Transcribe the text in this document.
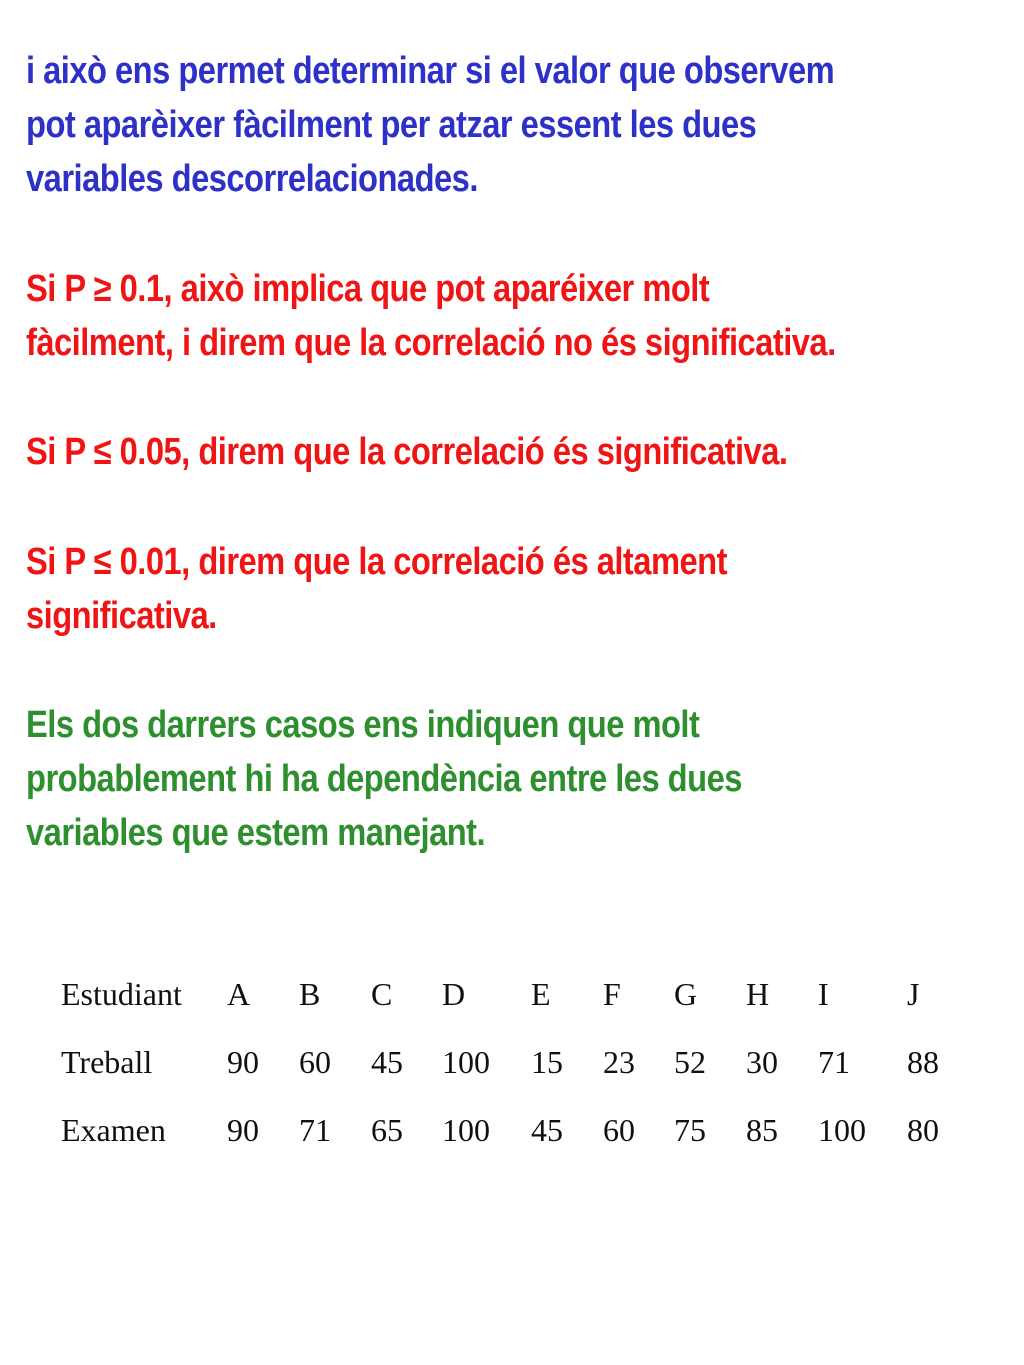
i això ens permet determinar si el valor que observem
pot aparèixer fàcilment per atzar essent les dues
variables descorrelacionades.
Si P ≥ 0.1, això implica que pot aparéixer molt
fàcilment, i direm que la correlació no és significativa.
Si P ≤ 0.05, direm que la correlació és significativa.
Si P ≤ 0.01, direm que la correlació és altament
significativa.
Els dos darrers casos ens indiquen que molt
probablement hi ha dependència entre les dues
variables que estem manejant.
Estudiant	A	B	C	D	E	F	G	H	I	J
Treball	90	60	45	100	15	23	52	30	71	88
Examen	90	71	65	100	45	60	75	85	100	80
